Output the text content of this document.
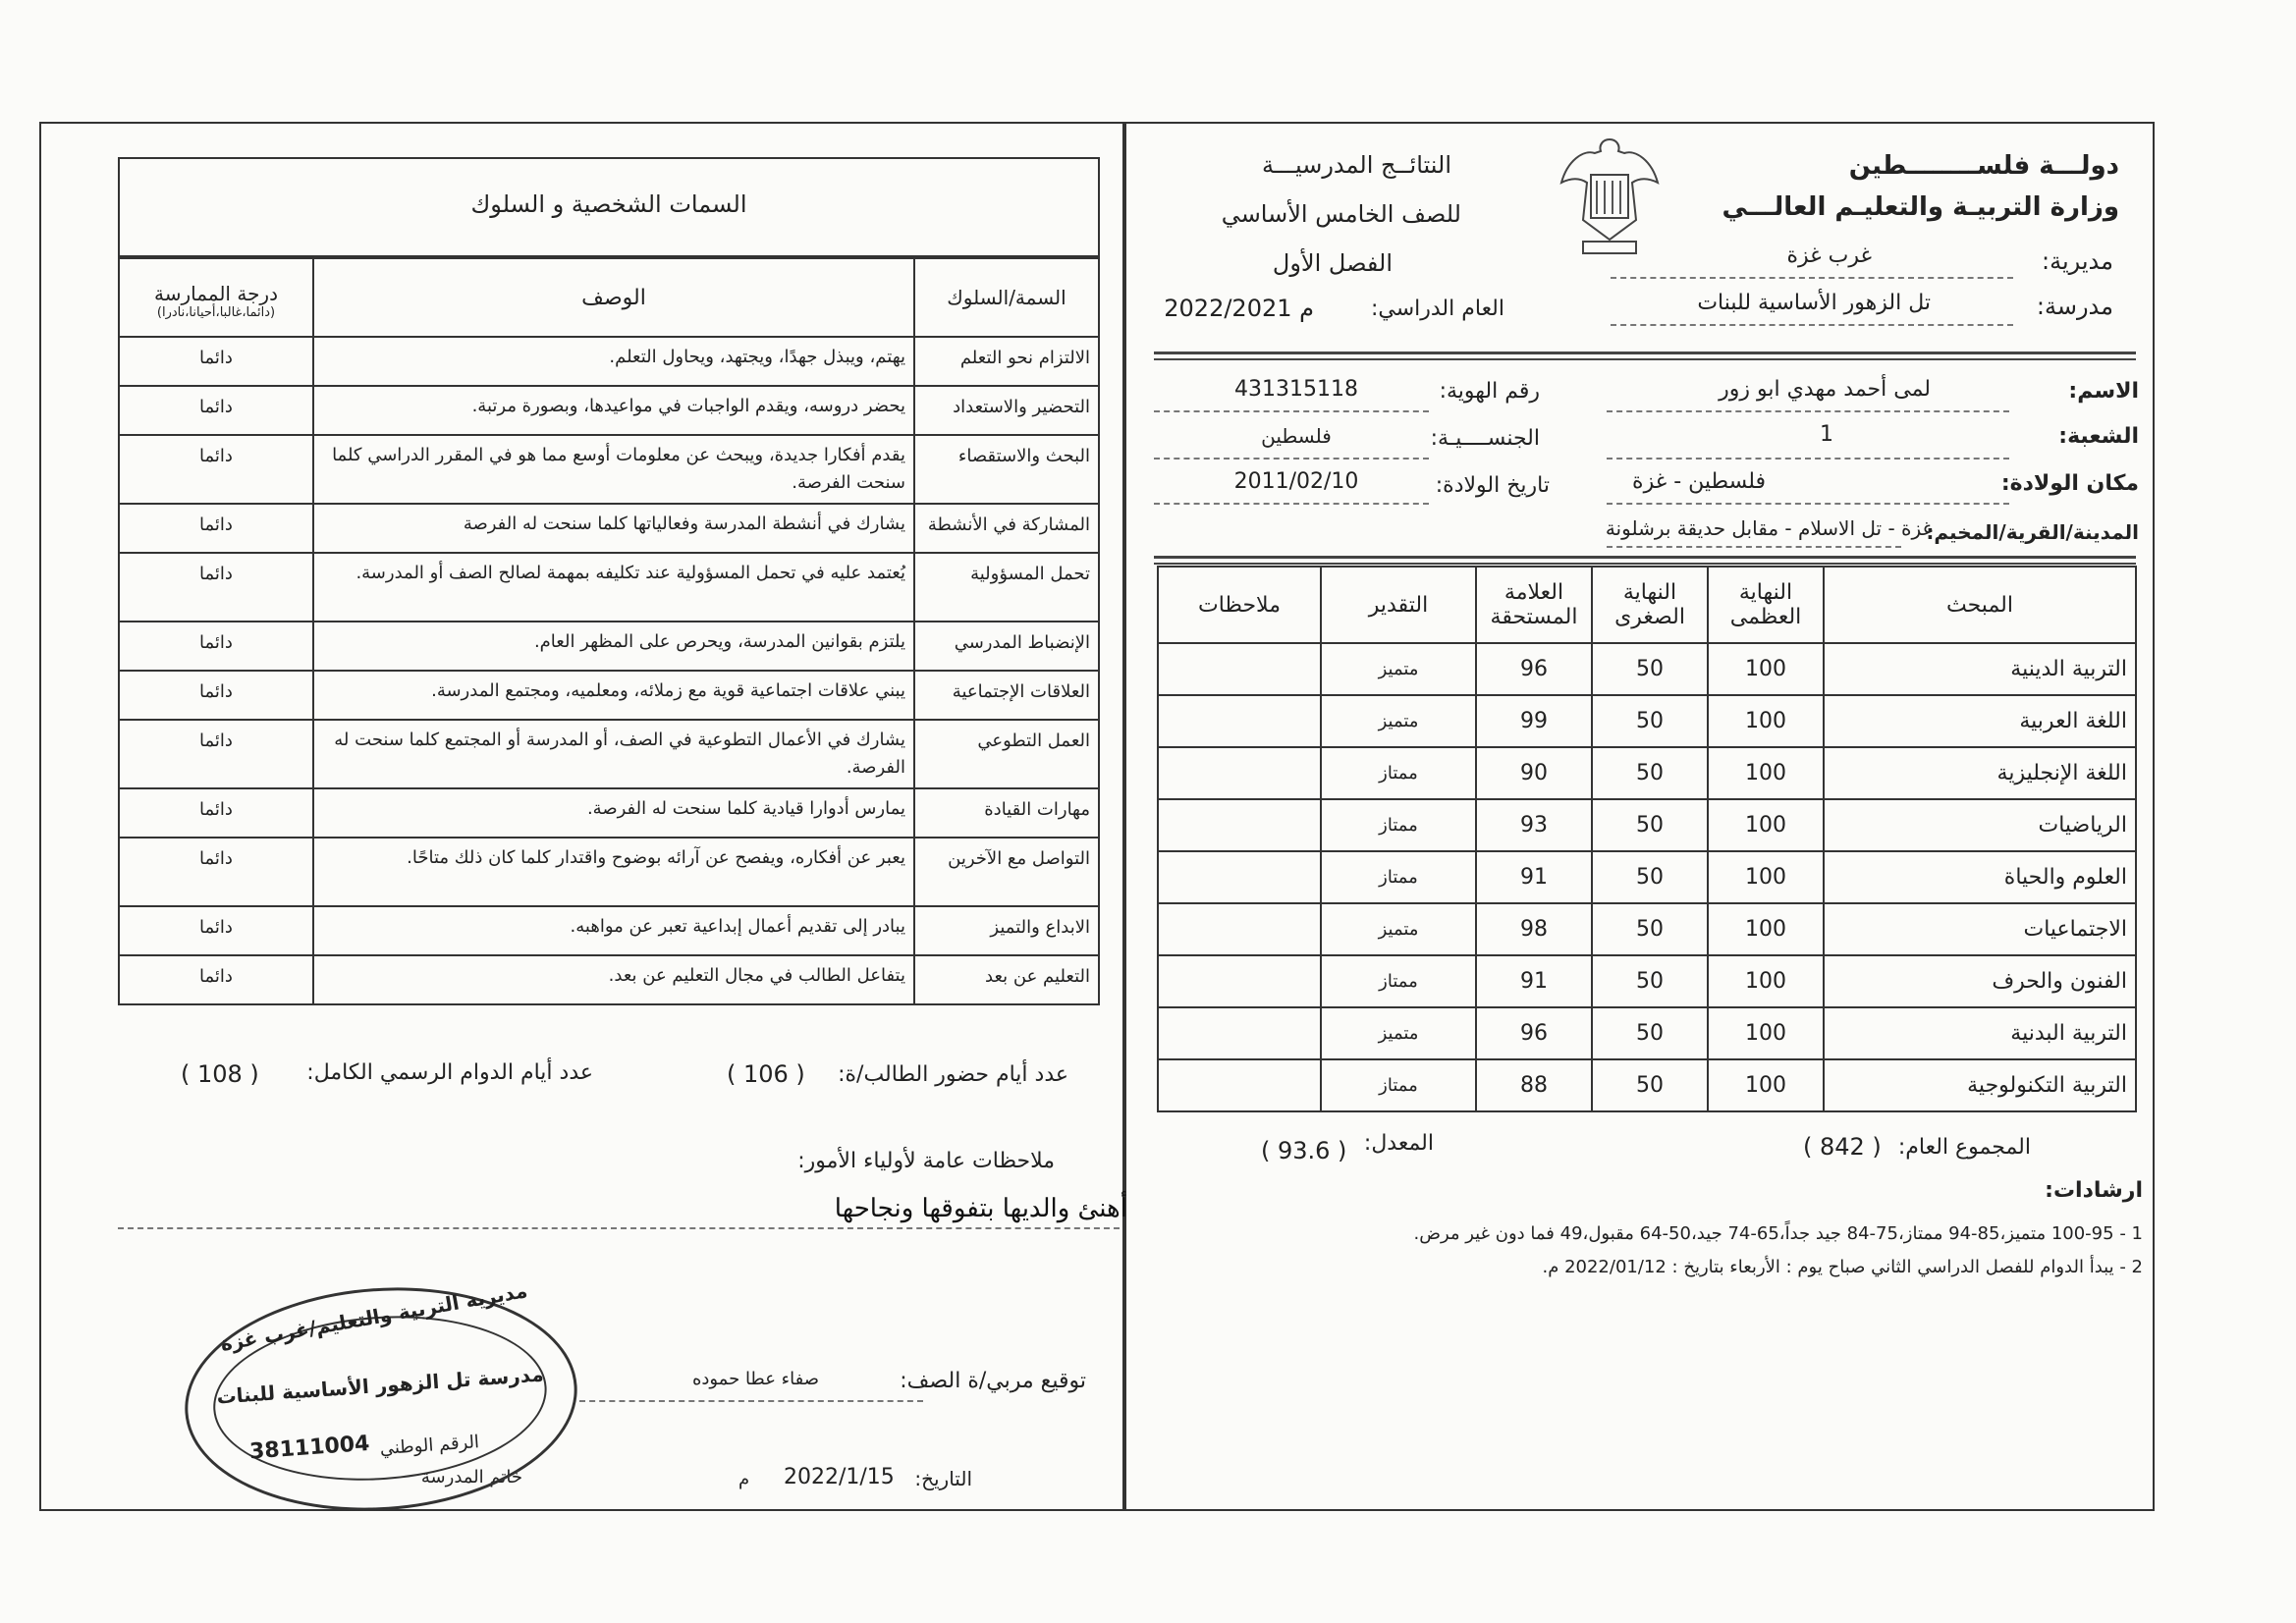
دولـــة فلســــــــطين
وزارة التربيـة والتعليـم العالـــي
النتائــج المدرسيـــة
للصف الخامس الأساسي
الفصل الأول	مديرية:
غرب غزة
مدرسة:
تل الزهور الأساسية للبنات
العام الدراسي:
2022/2021 م
الاسم:
لمى أحمد مهدي ابو زور
رقم الهوية:
431315118
الشعبة:
1
الجنســــيـة:
فلسطين
مكان الولادة:
فلسطين - غزة
تاريخ الولادة:
2011/02/10
المدينة/القرية/المخيم:
غزة - تل الاسلام - مقابل حديقة برشلونة
المبحث	النهاية العظمى	النهاية الصغرى	العلامة المستحقة	التقدير	ملاحظات
التربية الدينية	100	50	96	متميز	
اللغة العربية	100	50	99	متميز	
اللغة الإنجليزية	100	50	90	ممتاز	
الرياضيات	100	50	93	ممتاز	
العلوم والحياة	100	50	91	ممتاز	
الاجتماعيات	100	50	98	متميز	
الفنون والحرف	100	50	91	ممتاز	
التربية البدنية	100	50	96	متميز	
التربية التكنولوجية	100	50	88	ممتاز	
المجموع العام:
( 842 )
المعدل:
( 93.6 )
ارشادات:
1 - 100-95 متميز،85-94 ممتاز،75-84 جيد جداً،65-74 جيد،50-64 مقبول،49 فما دون غير مرض.
2 - يبدأ الدوام للفصل الدراسي الثاني صباح يوم : الأربعاء بتاريخ : 2022/01/12 م.
السمات الشخصية و السلوك
السمة/السلوك	الوصف	درجة الممارسة
(دائما،غالبا،أحيانا،نادرا)

الالتزام نحو التعلم	يهتم، ويبذل جهدًا، ويجتهد، ويحاول التعلم.	دائما
التحضير والاستعداد	يحضر دروسه، ويقدم الواجبات في مواعيدها، وبصورة مرتبة.	دائما
البحث والاستقصاء	يقدم أفكارا جديدة، ويبحث عن معلومات أوسع مما هو في المقرر الدراسي كلما سنحت الفرصة.	دائما
المشاركة في الأنشطة	يشارك في أنشطة المدرسة وفعالياتها كلما سنحت له الفرصة	دائما
تحمل المسؤولية	يُعتمد عليه في تحمل المسؤولية عند تكليفه بمهمة لصالح الصف أو المدرسة.	دائما
الإنضباط المدرسي	يلتزم بقوانين المدرسة، ويحرص على المظهر العام.	دائما
العلاقات الإجتماعية	يبني علاقات اجتماعية قوية مع زملائه، ومعلميه، ومجتمع المدرسة.	دائما
العمل التطوعي	يشارك في الأعمال التطوعية في الصف، أو المدرسة أو المجتمع كلما سنحت له الفرصة.	دائما
مهارات القيادة	يمارس أدوارا قيادية كلما سنحت له الفرصة.	دائما
التواصل مع الآخرين	يعبر عن أفكاره، ويفصح عن آرائه بوضوح واقتدار كلما كان ذلك متاحًا.	دائما
الابداع والتميز	يبادر إلى تقديم أعمال إبداعية تعبر عن مواهبه.	دائما
التعليم عن بعد	يتفاعل الطالب في مجال التعليم عن بعد.	دائما
عدد أيام حضور الطالب/ة:
( 106 )
عدد أيام الدوام الرسمي الكامل:
( 108 )
ملاحظات عامة لأولياء الأمور:
أهنئ والديها بتفوقها ونجاحها
توقيع مربي/ة الصف:
صفاء عطا حموده
التاريخ:
2022/1/15
م
خاتم المدرسة
مديرية التربية والتعليم/غرب غزة
مدرسة تل الزهور الأساسية للبنات
الرقم الوطني
38111004
